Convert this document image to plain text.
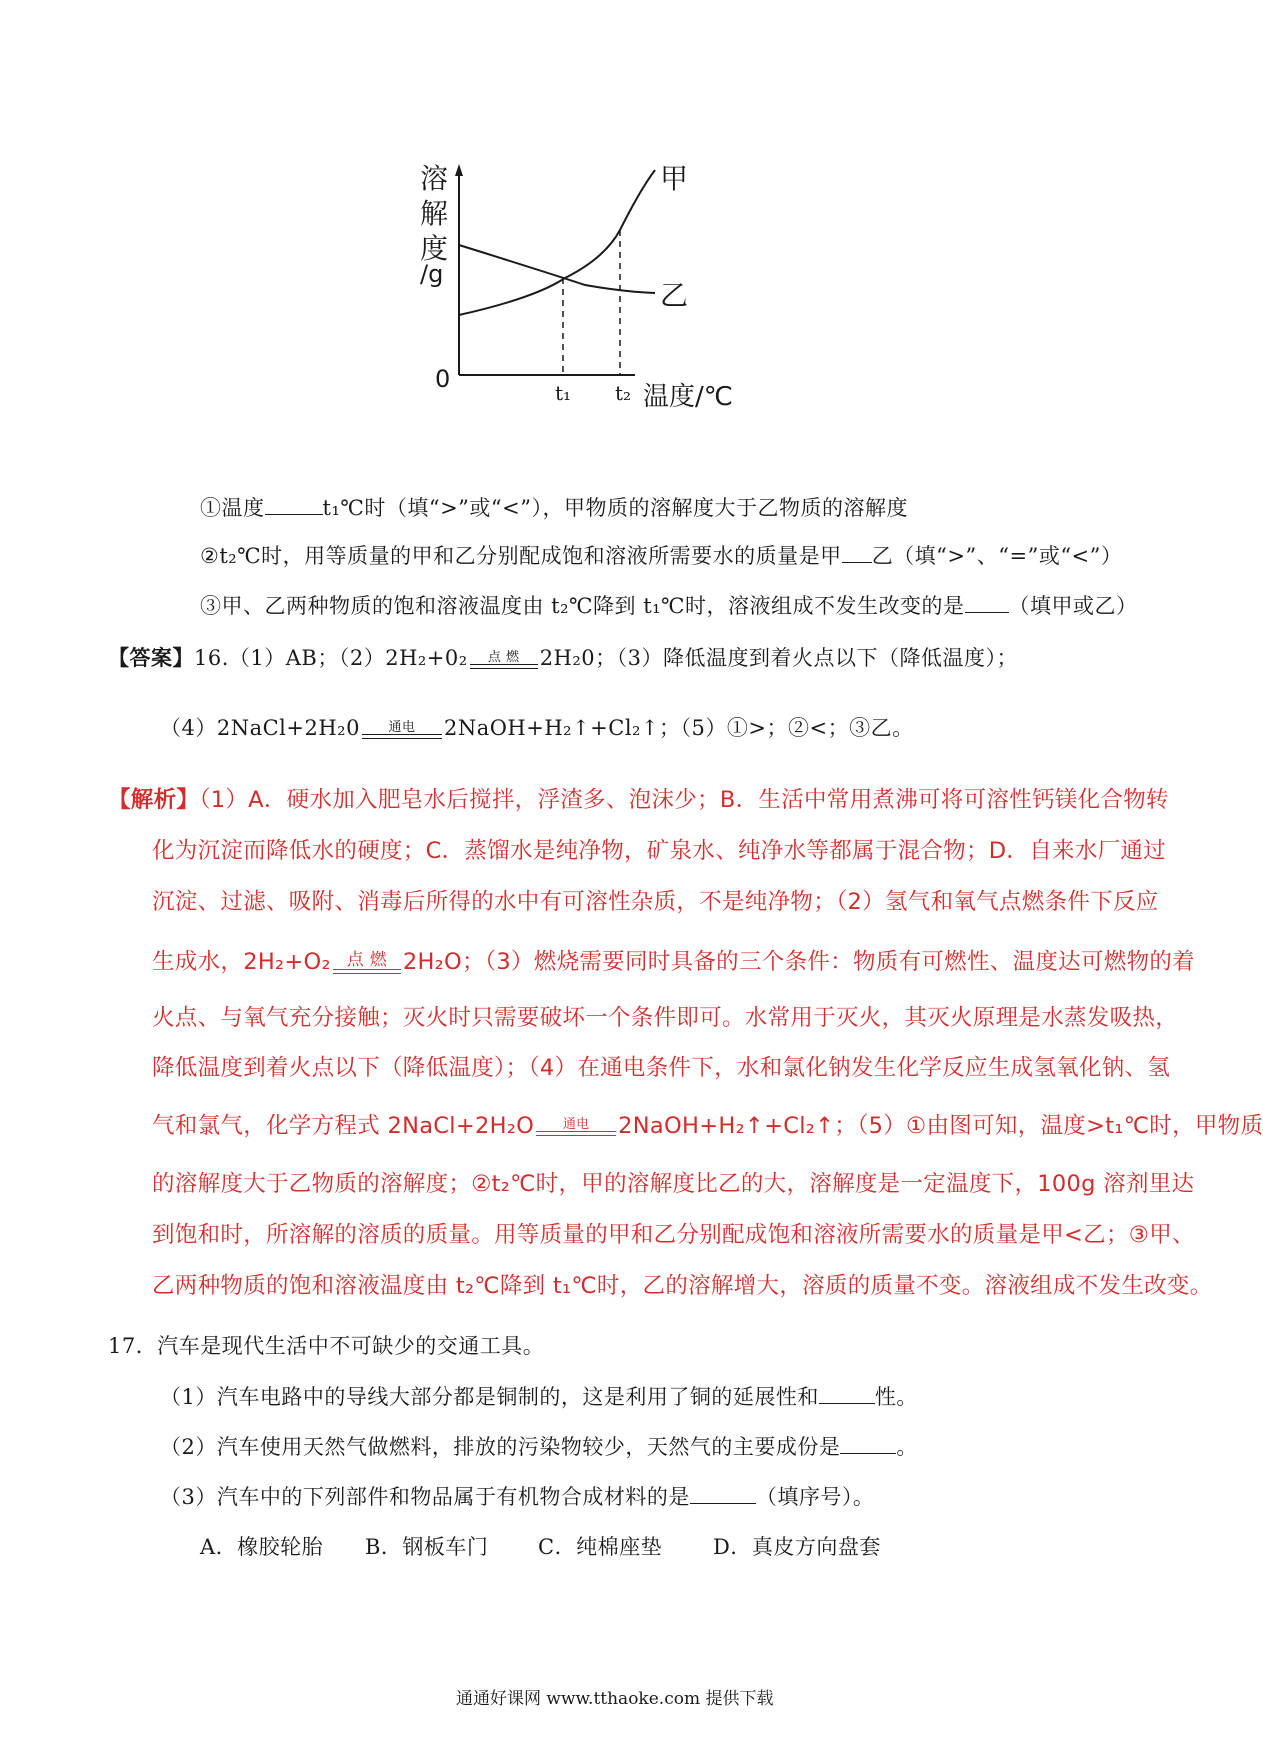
溶
解
度
/g
0	t₁ t₂ 温度/℃
甲
乙
①温度	t₁℃时（填“>”或“<”），甲物质的溶解度大于乙物质的溶解度
②t₂℃时，用等质量的甲和乙分别配成饱和溶液所需要水的质量是甲 乙（填“>”、“=”或“<”）
③甲、乙两种物质的饱和溶液温度由 t₂℃降到 t₁℃时，溶液组成不发生改变的是 （填甲或乙）
【答案】16.（1）AB；（2）2H₂+0₂	点 燃 2H₂0；（3）降低温度到着火点以下（降低温度）；
（4）2NaCl+2H₂0	通电	2NaOH+H₂↑+Cl₂↑；（5）①>；②<；③乙。
【解析】（1）A．硬水加入肥皂水后搅拌，浮渣多、泡沫少；B．生活中常用煮沸可将可溶性钙镁化合物转
化为沉淀而降低水的硬度；C．蒸馏水是纯净物，矿泉水、纯净水等都属于混合物；D．自来水厂通过
沉淀、过滤、吸附、消毒后所得的水中有可溶性杂质，不是纯净物；（2）氢气和氧气点燃条件下反应
生成水，2H₂+O₂ 点 燃 2H₂O；（3）燃烧需要同时具备的三个条件：物质有可燃性、温度达可燃物的着
火点、与氧气充分接触；灭火时只需要破坏一个条件即可。水常用于灭火，其灭火原理是水蒸发吸热，
降低温度到着火点以下（降低温度）；（4）在通电条件下，水和氯化钠发生化学反应生成氢氧化钠、氢
气和氯气，化学方程式 2NaCl+2H₂O	通电	2NaOH+H₂↑+Cl₂↑；（5）①由图可知，温度>t₁℃时，甲物质
的溶解度大于乙物质的溶解度；②t₂℃时，甲的溶解度比乙的大，溶解度是一定温度下，100g 溶剂里达
到饱和时，所溶解的溶质的质量。用等质量的甲和乙分别配成饱和溶液所需要水的质量是甲<乙；③甲、
乙两种物质的饱和溶液温度由 t₂℃降到 t₁℃时，乙的溶解增大，溶质的质量不变。溶液组成不发生改变。
17．汽车是现代生活中不可缺少的交通工具。
（1）汽车电路中的导线大部分都是铜制的，这是利用了铜的延展性和	性。
（2）汽车使用天然气做燃料，排放的污染物较少，天然气的主要成份是	。
（3）汽车中的下列部件和物品属于有机物合成材料的是	（填序号）。
A．橡胶轮胎 B．钢板车门 C．纯棉座垫 D．真皮方向盘套
通通好课网 www.tthaoke.com 提供下载
